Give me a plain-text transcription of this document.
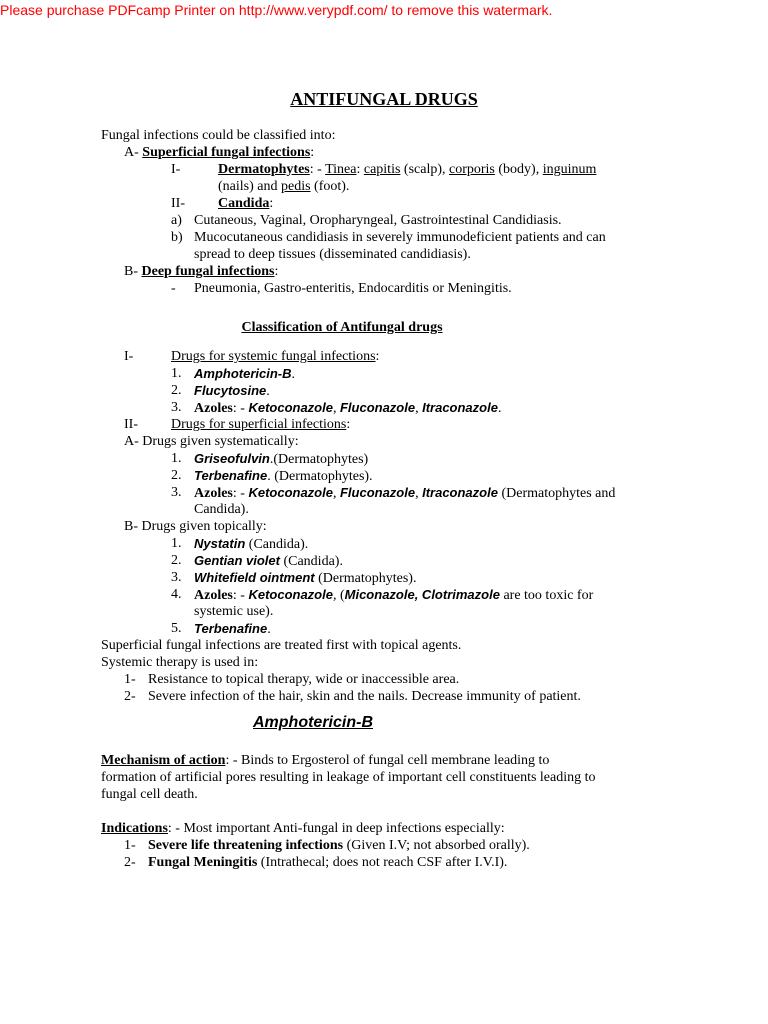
Please purchase PDFcamp Printer on http://www.verypdf.com/ to remove this watermark.
ANTIFUNGAL DRUGS
Fungal infections could be classified into:
A- Superficial fungal infections:
I-	Dermatophytes: - Tinea: capitis (scalp), corporis (body), inguinum
(nails) and pedis (foot).
II- Candida:
a) Cutaneous, Vaginal, Oropharyngeal, Gastrointestinal Candidiasis.
b) Mucocutaneous candidiasis in severely immunodeficient patients and can
spread to deep tissues (disseminated candidiasis).
B- Deep fungal infections:
- Pneumonia, Gastro-enteritis, Endocarditis or Meningitis.
Classification of Antifungal drugs
I-	Drugs for systemic fungal infections:
1. Amphotericin-B.
2. Flucytosine.
3. Azoles: - Ketoconazole, Fluconazole, Itraconazole.
II- Drugs for superficial infections:
A- Drugs given systematically:
1. Griseofulvin.(Dermatophytes)
2. Terbenafine. (Dermatophytes).
3. Azoles: - Ketoconazole, Fluconazole, Itraconazole (Dermatophytes and
Candida).
B- Drugs given topically:
1. Nystatin (Candida).
2. Gentian violet (Candida).
3. Whitefield ointment (Dermatophytes).
4. Azoles: - Ketoconazole, (Miconazole, Clotrimazole are too toxic for
systemic use).
5. Terbenafine.
Superficial fungal infections are treated first with topical agents.
Systemic therapy is used in:
1- Resistance to topical therapy, wide or inaccessible area.
2- Severe infection of the hair, skin and the nails. Decrease immunity of patient.
Amphotericin-B
Mechanism of action: - Binds to Ergosterol of fungal cell membrane leading to
formation of artificial pores resulting in leakage of important cell constituents leading to
fungal cell death.
Indications: - Most important Anti-fungal in deep infections especially:
1- Severe life threatening infections (Given I.V; not absorbed orally).
2- Fungal Meningitis (Intrathecal; does not reach CSF after I.V.I).
